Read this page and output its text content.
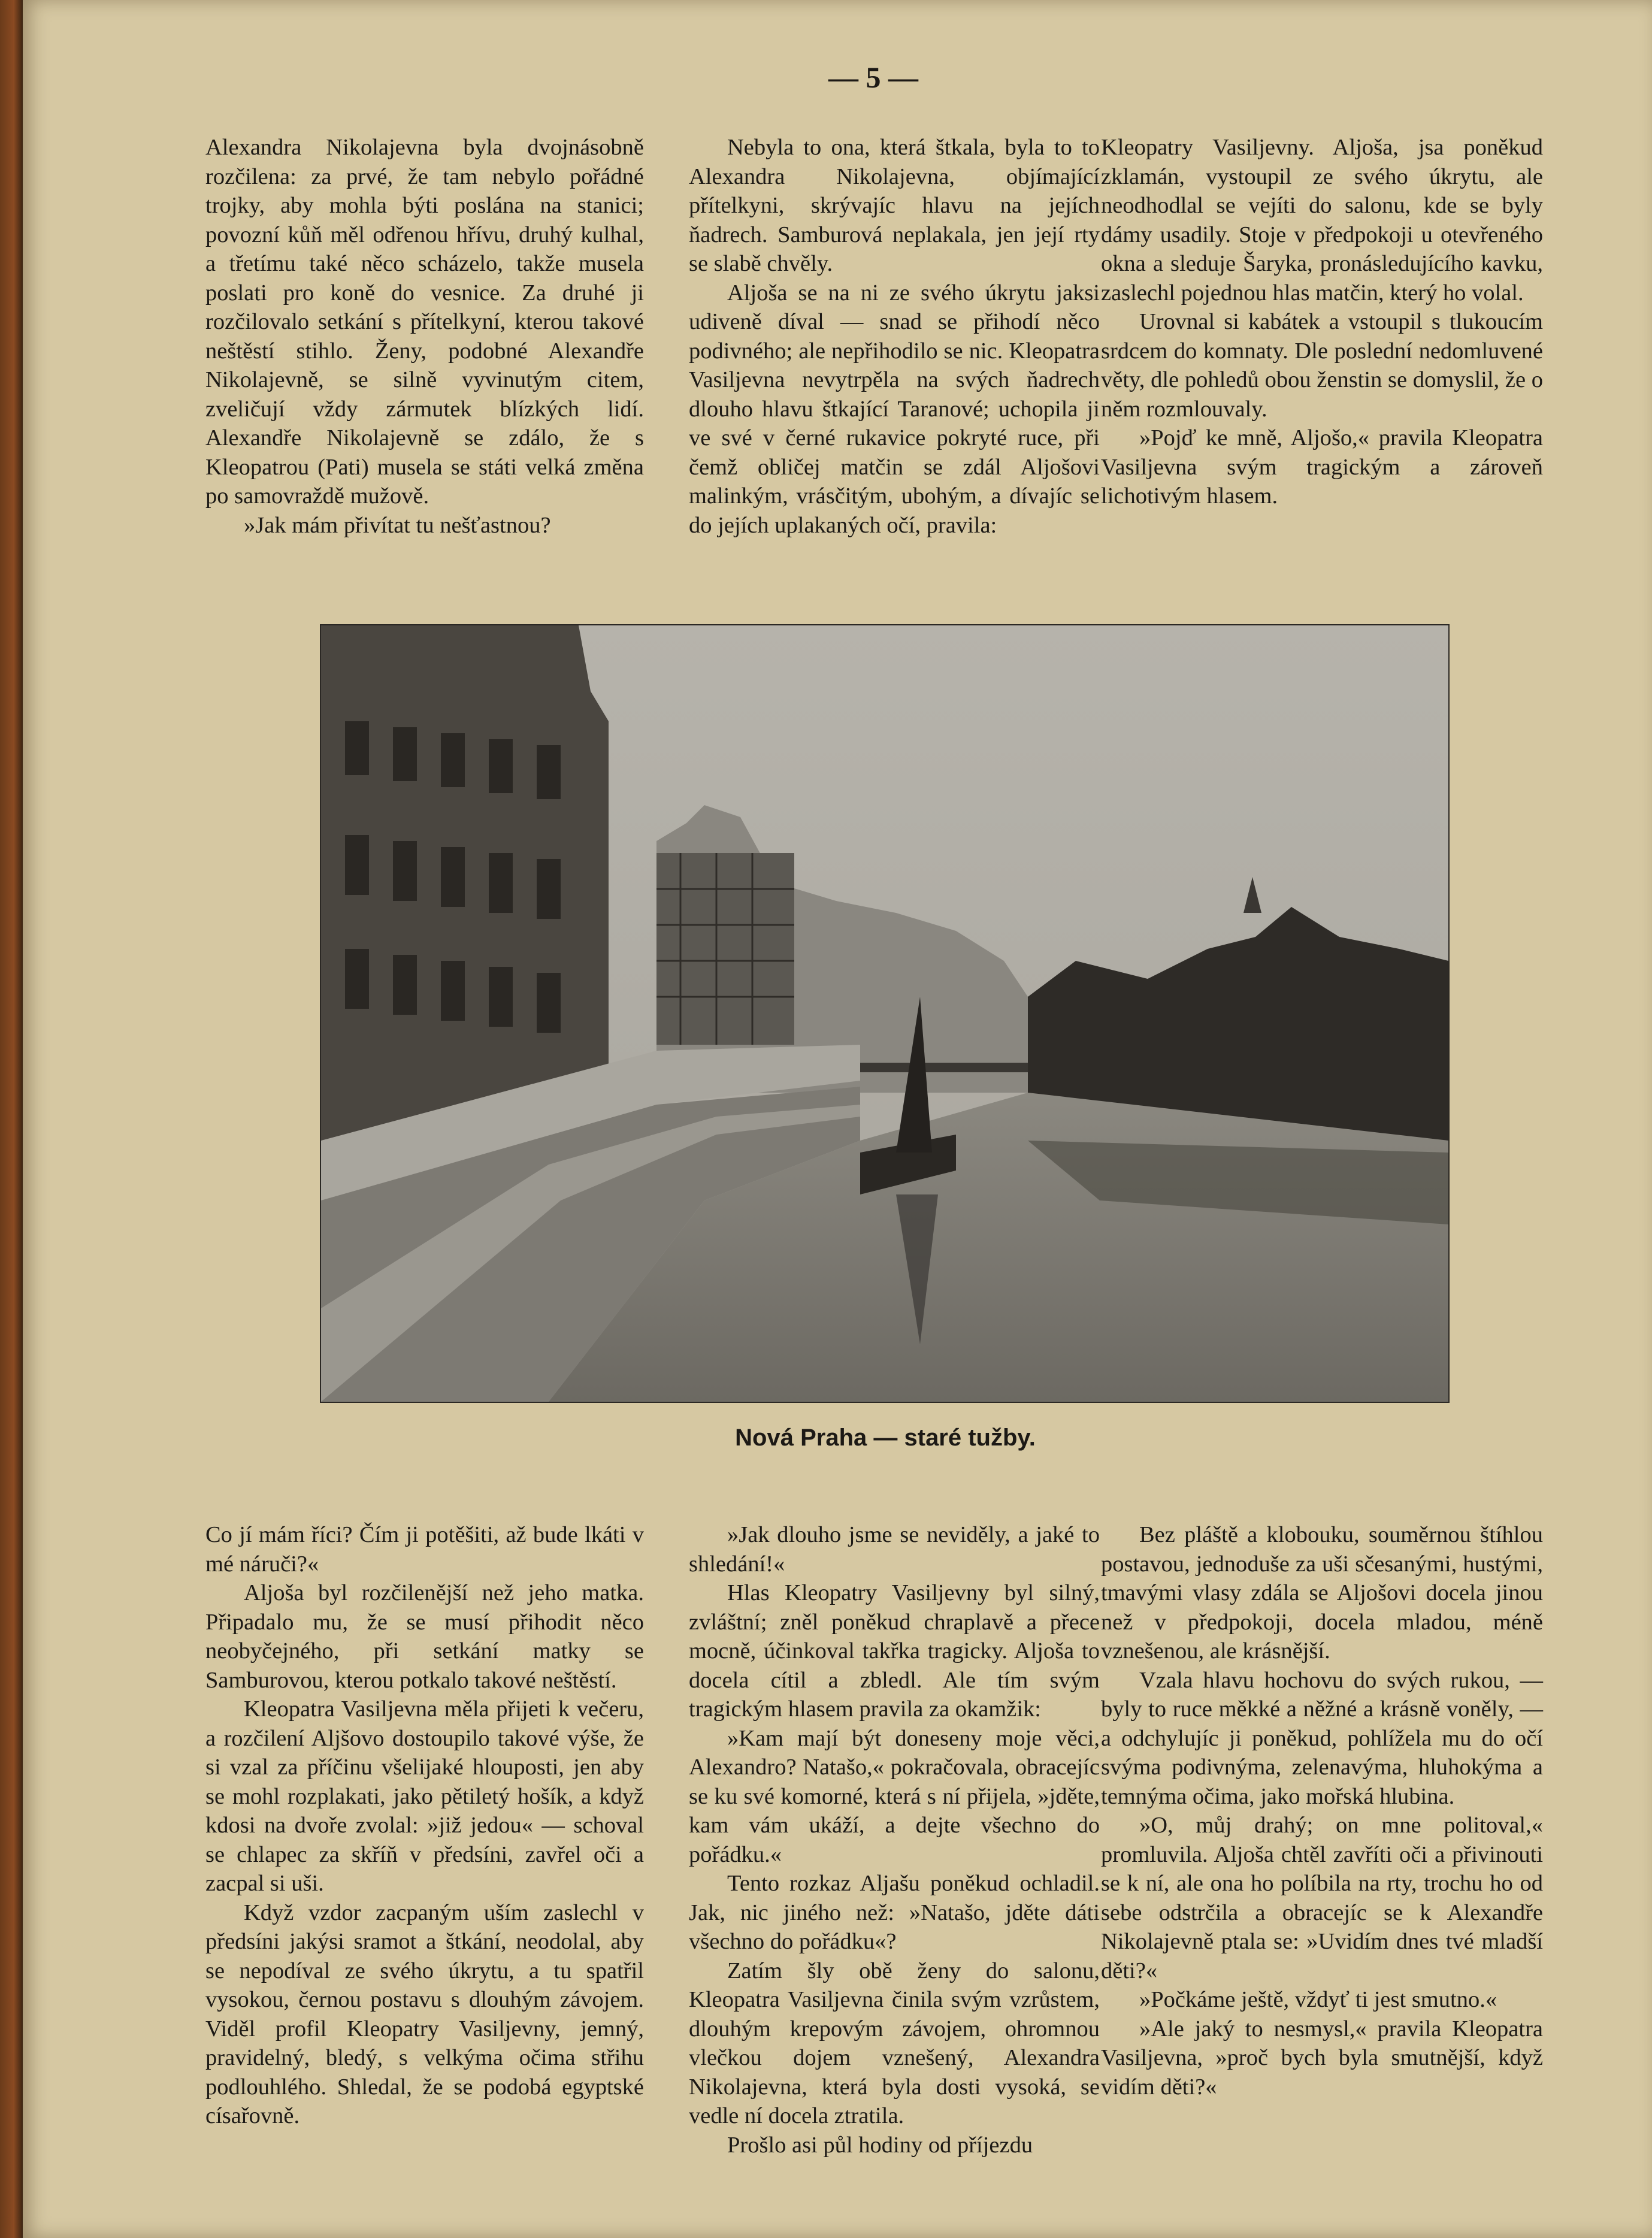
— 5 —

Alexandra Nikolajevna byla dvojnásobně rozčilena: za prvé, že tam nebylo pořádné trojky, aby mohla býti poslána na stanici; povozní kůň měl odřenou hřívu, druhý kulhal, a třetímu také něco scházelo, takže musela poslati pro koně do vesnice. Za druhé ji rozčilovalo setkání s přítelkyní, kterou takové neštěstí stihlo. Ženy, podobné Alexandře Nikolajevně, se silně vyvinutým citem, zveličují vždy zármutek blízkých lidí. Alexandře Nikolajevně se zdálo, že s Kleopatrou (Pati) musela se státi velká změna po samovraždě mužově.

»Jak mám přivítat tu nešťastnou?

Nebyla to ona, která štkala, byla to to Alexandra Nikolajevna, objímající přítelkyni, skrývajíc hlavu na jejích ňadrech. Samburová neplakala, jen její rty se slabě chvěly.

Aljoša se na ni ze svého úkrytu jaksi udiveně díval — snad se přihodí něco podivného; ale nepřihodilo se nic. Kleopatra Vasiljevna nevytrpěla na svých ňadrech dlouho hlavu štkající Taranové; uchopila ji ve své v černé rukavice pokryté ruce, při čemž obličej matčin se zdál Aljošovi malinkým, vrásčitým, ubohým, a dívajíc se do jejích uplakaných očí, pravila:

Kleopatry Vasiljevny. Aljoša, jsa poněkud zklamán, vystoupil ze svého úkrytu, ale neodhodlal se vejíti do salonu, kde se byly dámy usadily. Stoje v předpokoji u otevřeného okna a sleduje Šaryka, pronásledujícího kavku, zaslechl pojednou hlas matčin, který ho volal.

Urovnal si kabátek a vstoupil s tlukoucím srdcem do komnaty. Dle poslední nedomluvené věty, dle pohledů obou ženstin se domyslil, že o něm rozmlouvaly.

»Pojď ke mně, Aljošo,« pravila Kleopatra Vasiljevna svým tragickým a zároveň lichotivým hlasem.

Nová Praha — staré tužby.

Co jí mám říci? Čím ji potěšiti, až bude lkáti v mé náruči?«

Aljoša byl rozčilenější než jeho matka. Připadalo mu, že se musí přihodit něco neobyčejného, při setkání matky se Samburovou, kterou potkalo takové neštěstí.

Kleopatra Vasiljevna měla přijeti k večeru, a rozčilení Aljšovo dostoupilo takové výše, že si vzal za příčinu všelijaké hlouposti, jen aby se mohl rozplakati, jako pětiletý hošík, a když kdosi na dvoře zvolal: »již jedou« — schoval se chlapec za skříň v předsíni, zavřel oči a zacpal si uši.

Když vzdor zacpaným uším zaslechl v předsíni jakýsi sramot a štkání, neodolal, aby se nepodíval ze svého úkrytu, a tu spatřil vysokou, černou postavu s dlouhým závojem. Viděl profil Kleopatry Vasiljevny, jemný, pravidelný, bledý, s velkýma očima střihu podlouhlého. Shledal, že se podobá egyptské císařovně.

»Jak dlouho jsme se neviděly, a jaké to shledání!«

Hlas Kleopatry Vasiljevny byl silný, zvláštní; zněl poněkud chraplavě a přece mocně, účinkoval takřka tragicky. Aljoša to docela cítil a zbledl. Ale tím svým tragickým hlasem pravila za okamžik:

»Kam mají být doneseny moje věci, Alexandro? Natašo,« pokračovala, obracejíc se ku své komorné, která s ní přijela, »jděte, kam vám ukáží, a dejte všechno do pořádku.«

Tento rozkaz Aljašu poněkud ochladil. Jak, nic jiného než: »Natašo, jděte dáti všechno do pořádku«?

Zatím šly obě ženy do salonu, Kleopatra Vasiljevna činila svým vzrůstem, dlouhým krepovým závojem, ohromnou vlečkou dojem vznešený, Alexandra Nikolajevna, která byla dosti vysoká, se vedle ní docela ztratila.

Prošlo asi půl hodiny od příjezdu

Bez pláště a klobouku, souměrnou štíhlou postavou, jednoduše za uši sčesanými, hustými, tmavými vlasy zdála se Aljošovi docela jinou než v předpokoji, docela mladou, méně vznešenou, ale krásnější.

Vzala hlavu hochovu do svých rukou, — byly to ruce měkké a něžné a krásně voněly, — a odchylujíc ji poněkud, pohlížela mu do očí svýma podivnýma, zelenavýma, hluhokýma a temnýma očima, jako mořská hlubina.

»O, můj drahý; on mne politoval,« promluvila. Aljoša chtěl zavříti oči a přivinouti se k ní, ale ona ho políbila na rty, trochu ho od sebe odstrčila a obracejíc se k Alexandře Nikolajevně ptala se: »Uvidím dnes tvé mladší děti?«

»Počkáme ještě, vždyť ti jest smutno.«

»Ale jaký to nesmysl,« pravila Kleopatra Vasiljevna, »proč bych byla smutnější, když vidím děti?«
